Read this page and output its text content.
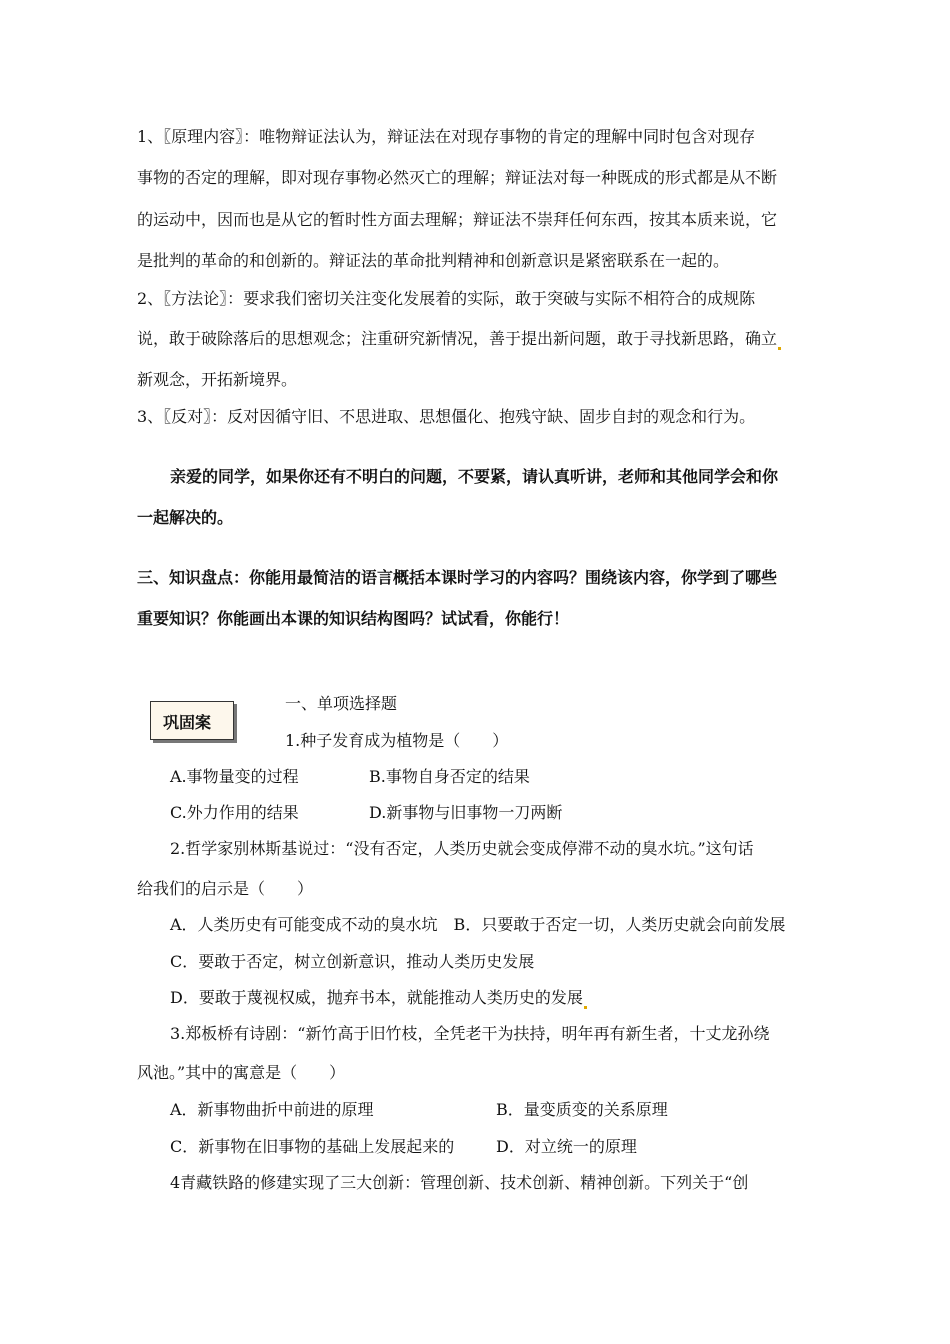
1、〖原理内容〗：唯物辩证法认为，辩证法在对现存事物的肯定的理解中同时包含对现存
事物的否定的理解，即对现存事物必然灭亡的理解；辩证法对每一种既成的形式都是从不断
的运动中，因而也是从它的暂时性方面去理解；辩证法不崇拜任何东西，按其本质来说，它
是批判的革命的和创新的。辩证法的革命批判精神和创新意识是紧密联系在一起的。
2、〖方法论〗：要求我们密切关注变化发展着的实际，敢于突破与实际不相符合的成规陈
说，敢于破除落后的思想观念；注重研究新情况，善于提出新问题，敢于寻找新思路，确立
新观念，开拓新境界。
3、〖反对〗：反对因循守旧、不思进取、思想僵化、抱残守缺、固步自封的观念和行为。
亲爱的同学，如果你还有不明白的问题，不要紧，请认真听讲，老师和其他同学会和你
一起解决的。
三、知识盘点：你能用最简洁的语言概括本课时学习的内容吗？围绕该内容，你学到了哪些
重要知识？你能画出本课的知识结构图吗？试试看，你能行！
巩固案
一、单项选择题
1.种子发育成为植物是（　　）
A.事物量变的过程	B.事物自身否定的结果
C.外力作用的结果	D.新事物与旧事物一刀两断
2.哲学家别林斯基说过：“没有否定，人类历史就会变成停滞不动的臭水坑。”这句话
给我们的启示是（　　）
A．人类历史有可能变成不动的臭水坑　B．只要敢于否定一切，人类历史就会向前发展
C．要敢于否定，树立创新意识，推动人类历史发展
D．要敢于蔑视权威，抛弃书本，就能推动人类历史的发展
3.郑板桥有诗剧：“新竹高于旧竹枝，全凭老干为扶持，明年再有新生者，十丈龙孙绕
风池。”其中的寓意是（　　）
A．新事物曲折中前进的原理	B．量变质变的关系原理
C．新事物在旧事物的基础上发展起来的	D．对立统一的原理
4青藏铁路的修建实现了三大创新：管理创新、技术创新、精神创新。下列关于“创
